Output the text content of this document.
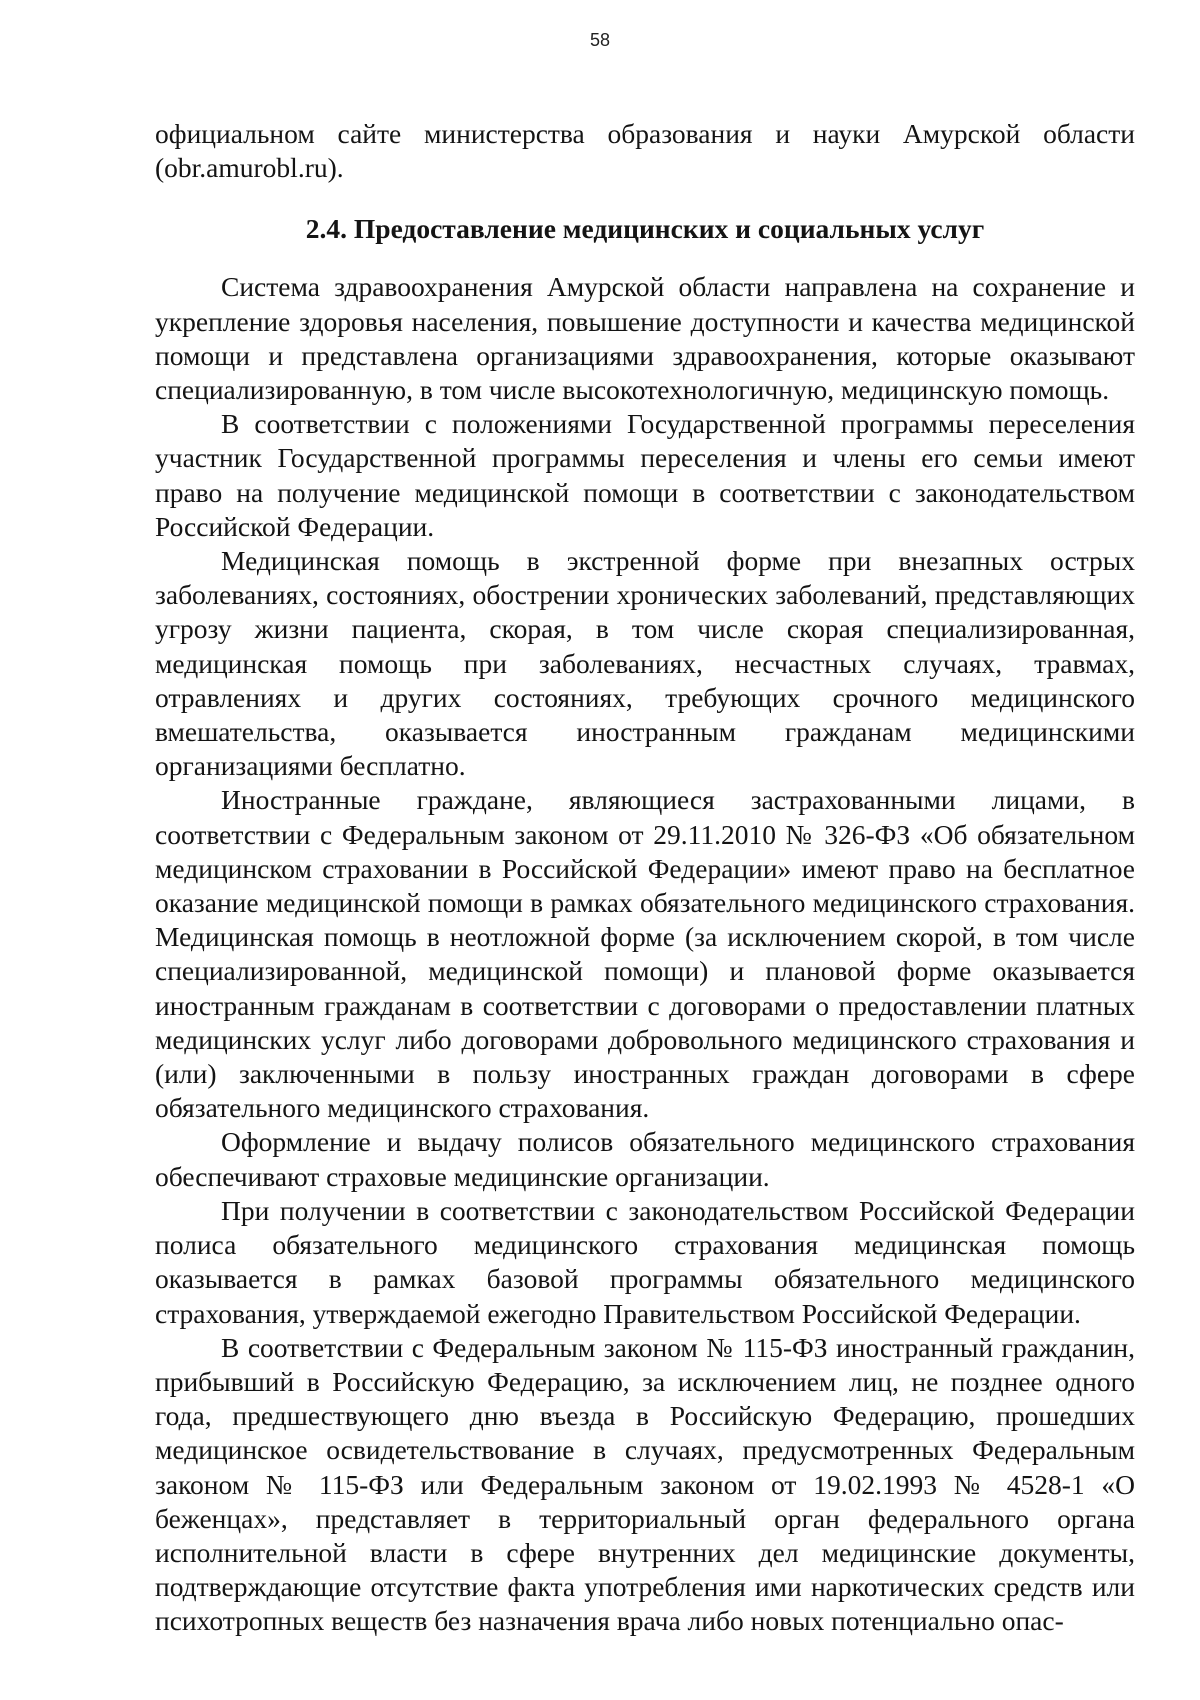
58

официальном сайте министерства образования и науки Амурской области (obr.amurobl.ru).

2.4. Предоставление медицинских и социальных услуг

Система здравоохранения Амурской области направлена на сохранение и укрепление здоровья населения, повышение доступности и качества медицинской помощи и представлена организациями здравоохранения, которые оказывают специализированную, в том числе высокотехнологичную, медицинскую помощь.

В соответствии с положениями Государственной программы переселения участник Государственной программы переселения и члены его семьи имеют право на получение медицинской помощи в соответствии с законодательством Российской Федерации.

Медицинская помощь в экстренной форме при внезапных острых заболеваниях, состояниях, обострении хронических заболеваний, представляющих угрозу жизни пациента, скорая, в том числе скорая специализированная, медицинская помощь при заболеваниях, несчастных случаях, травмах, отравлениях и других состояниях, требующих срочного медицинского вмешательства, оказывается иностранным гражданам медицинскими организациями бесплатно.

Иностранные граждане, являющиеся застрахованными лицами, в соответствии с Федеральным законом от 29.11.2010 № 326-ФЗ «Об обязательном медицинском страховании в Российской Федерации» имеют право на бесплатное оказание медицинской помощи в рамках обязательного медицинского страхования. Медицинская помощь в неотложной форме (за исключением скорой, в том числе специализированной, медицинской помощи) и плановой форме оказывается иностранным гражданам в соответствии с договорами о предоставлении платных медицинских услуг либо договорами добровольного медицинского страхования и (или) заключенными в пользу иностранных граждан договорами в сфере обязательного медицинского страхования.

Оформление и выдачу полисов обязательного медицинского страхования обеспечивают страховые медицинские организации.

При получении в соответствии с законодательством Российской Федерации полиса обязательного медицинского страхования медицинская помощь оказывается в рамках базовой программы обязательного медицинского страхования, утверждаемой ежегодно Правительством Российской Федерации.

В соответствии с Федеральным законом № 115-ФЗ иностранный гражданин, прибывший в Российскую Федерацию, за исключением лиц, не позднее одного года, предшествующего дню въезда в Российскую Федерацию, прошедших медицинское освидетельствование в случаях, предусмотренных Федеральным законом № 115-ФЗ или Федеральным законом от 19.02.1993 № 4528-1 «О беженцах», представляет в территориальный орган федерального органа исполнительной власти в сфере внутренних дел медицинские документы, подтверждающие отсутствие факта употребления ими наркотических средств или психотропных веществ без назначения врача либо новых потенциально опас-
